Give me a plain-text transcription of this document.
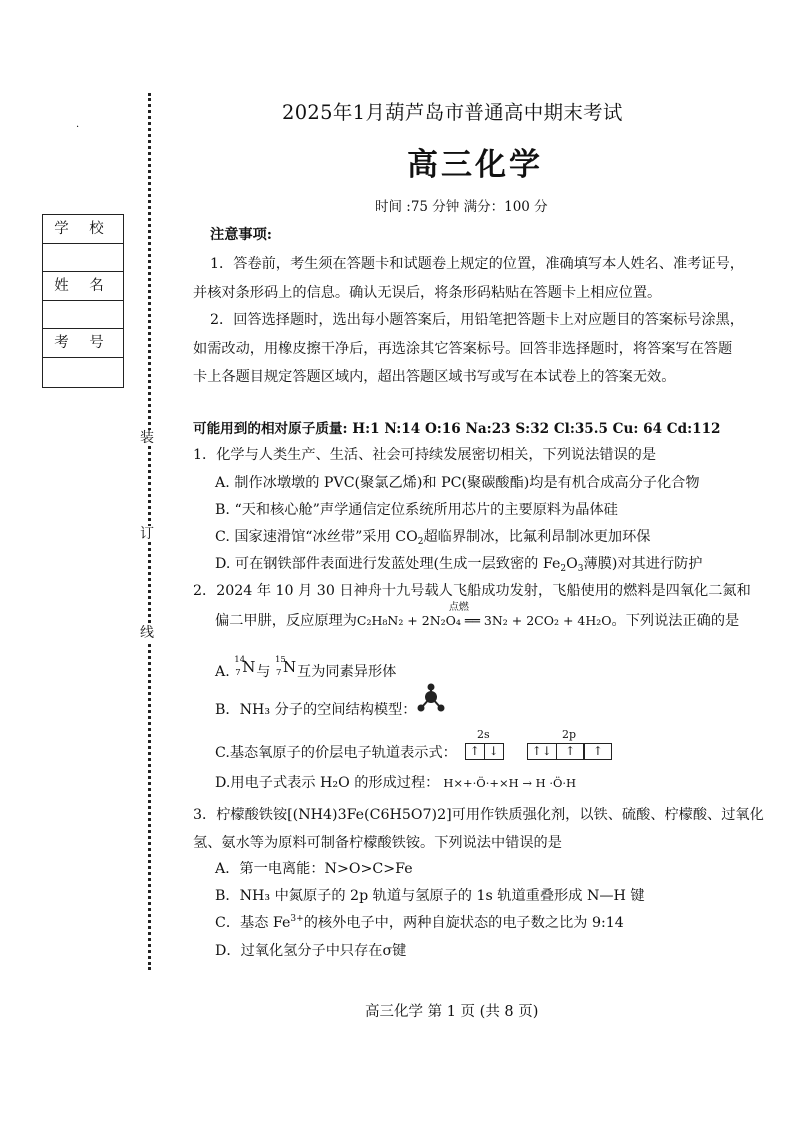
装
订
线
·
学 校
姓 名
考 号
2025年1月葫芦岛市普通高中期末考试
高三化学
时间 :75 分钟 满分：100 分
注意事项:
1．答卷前，考生须在答题卡和试题卷上规定的位置，准确填写本人姓名、准考证号，
并核对条形码上的信息。确认无误后，将条形码粘贴在答题卡上相应位置。
2．回答选择题时，选出每小题答案后，用铅笔把答题卡上对应题目的答案标号涂黑，
如需改动，用橡皮擦干净后，再选涂其它答案标号。回答非选择题时，将答案写在答题
卡上各题目规定答题区域内，超出答题区域书写或写在本试卷上的答案无效。
可能用到的相对原子质量: H:1 N:14 O:16 Na:23 S:32 Cl:35.5 Cu: 64 Cd:112
1．化学与人类生产、生活、社会可持续发展密切相关，下列说法错误的是
A. 制作冰墩墩的 PVC(聚氯乙烯)和 PC(聚碳酸酯)均是有机合成高分子化合物
B. “天和核心舱”声学通信定位系统所用芯片的主要原料为晶体硅
C. 国家速滑馆“冰丝带”采用 $CO_2$超临界制冰，比氟利昂制冰更加环保
D. 可在钢铁部件表面进行发蓝处理(生成一层致密的 $Fe_2O_3$薄膜)对其进行防护
2．2024 年 10 月 30 日神舟十九号载人飞船成功发射，飞船使用的燃料是四氧化二氮和
偏二甲肼，反应原理为C₂H₈N₂ + 2N₂O₄ ══ 3N₂ + 2CO₂ + 4H₂O
点燃
。下列说法正确的是
A.
14
7 N 与
15
7 N 互为同素异形体
B．NH₃ 分子的空间结构模型：
C.基态氧原子的价层电子轨道表示式：
2s	2p
↑ ↓	↑↓	↑	↑
D.用电子式表示 H₂O 的形成过程： H×+·Ö·+×H → H ·Ö·H
3．柠檬酸铁铵[(NH4)3Fe(C6H5O7)2]可用作铁质强化剂，以铁、硫酸、柠檬酸、过氧化
氢、氨水等为原料可制备柠檬酸铁铵。下列说法中错误的是
A．第一电离能：N>O>C>Fe
B．NH₃ 中氮原子的 2p 轨道与氢原子的 1s 轨道重叠形成 N—H 键
C．基态 $Fe^{3+}$的核外电子中，两种自旋状态的电子数之比为 9:14
D．过氧化氢分子中只存在σ键
高三化学 第 1 页 (共 8 页)
